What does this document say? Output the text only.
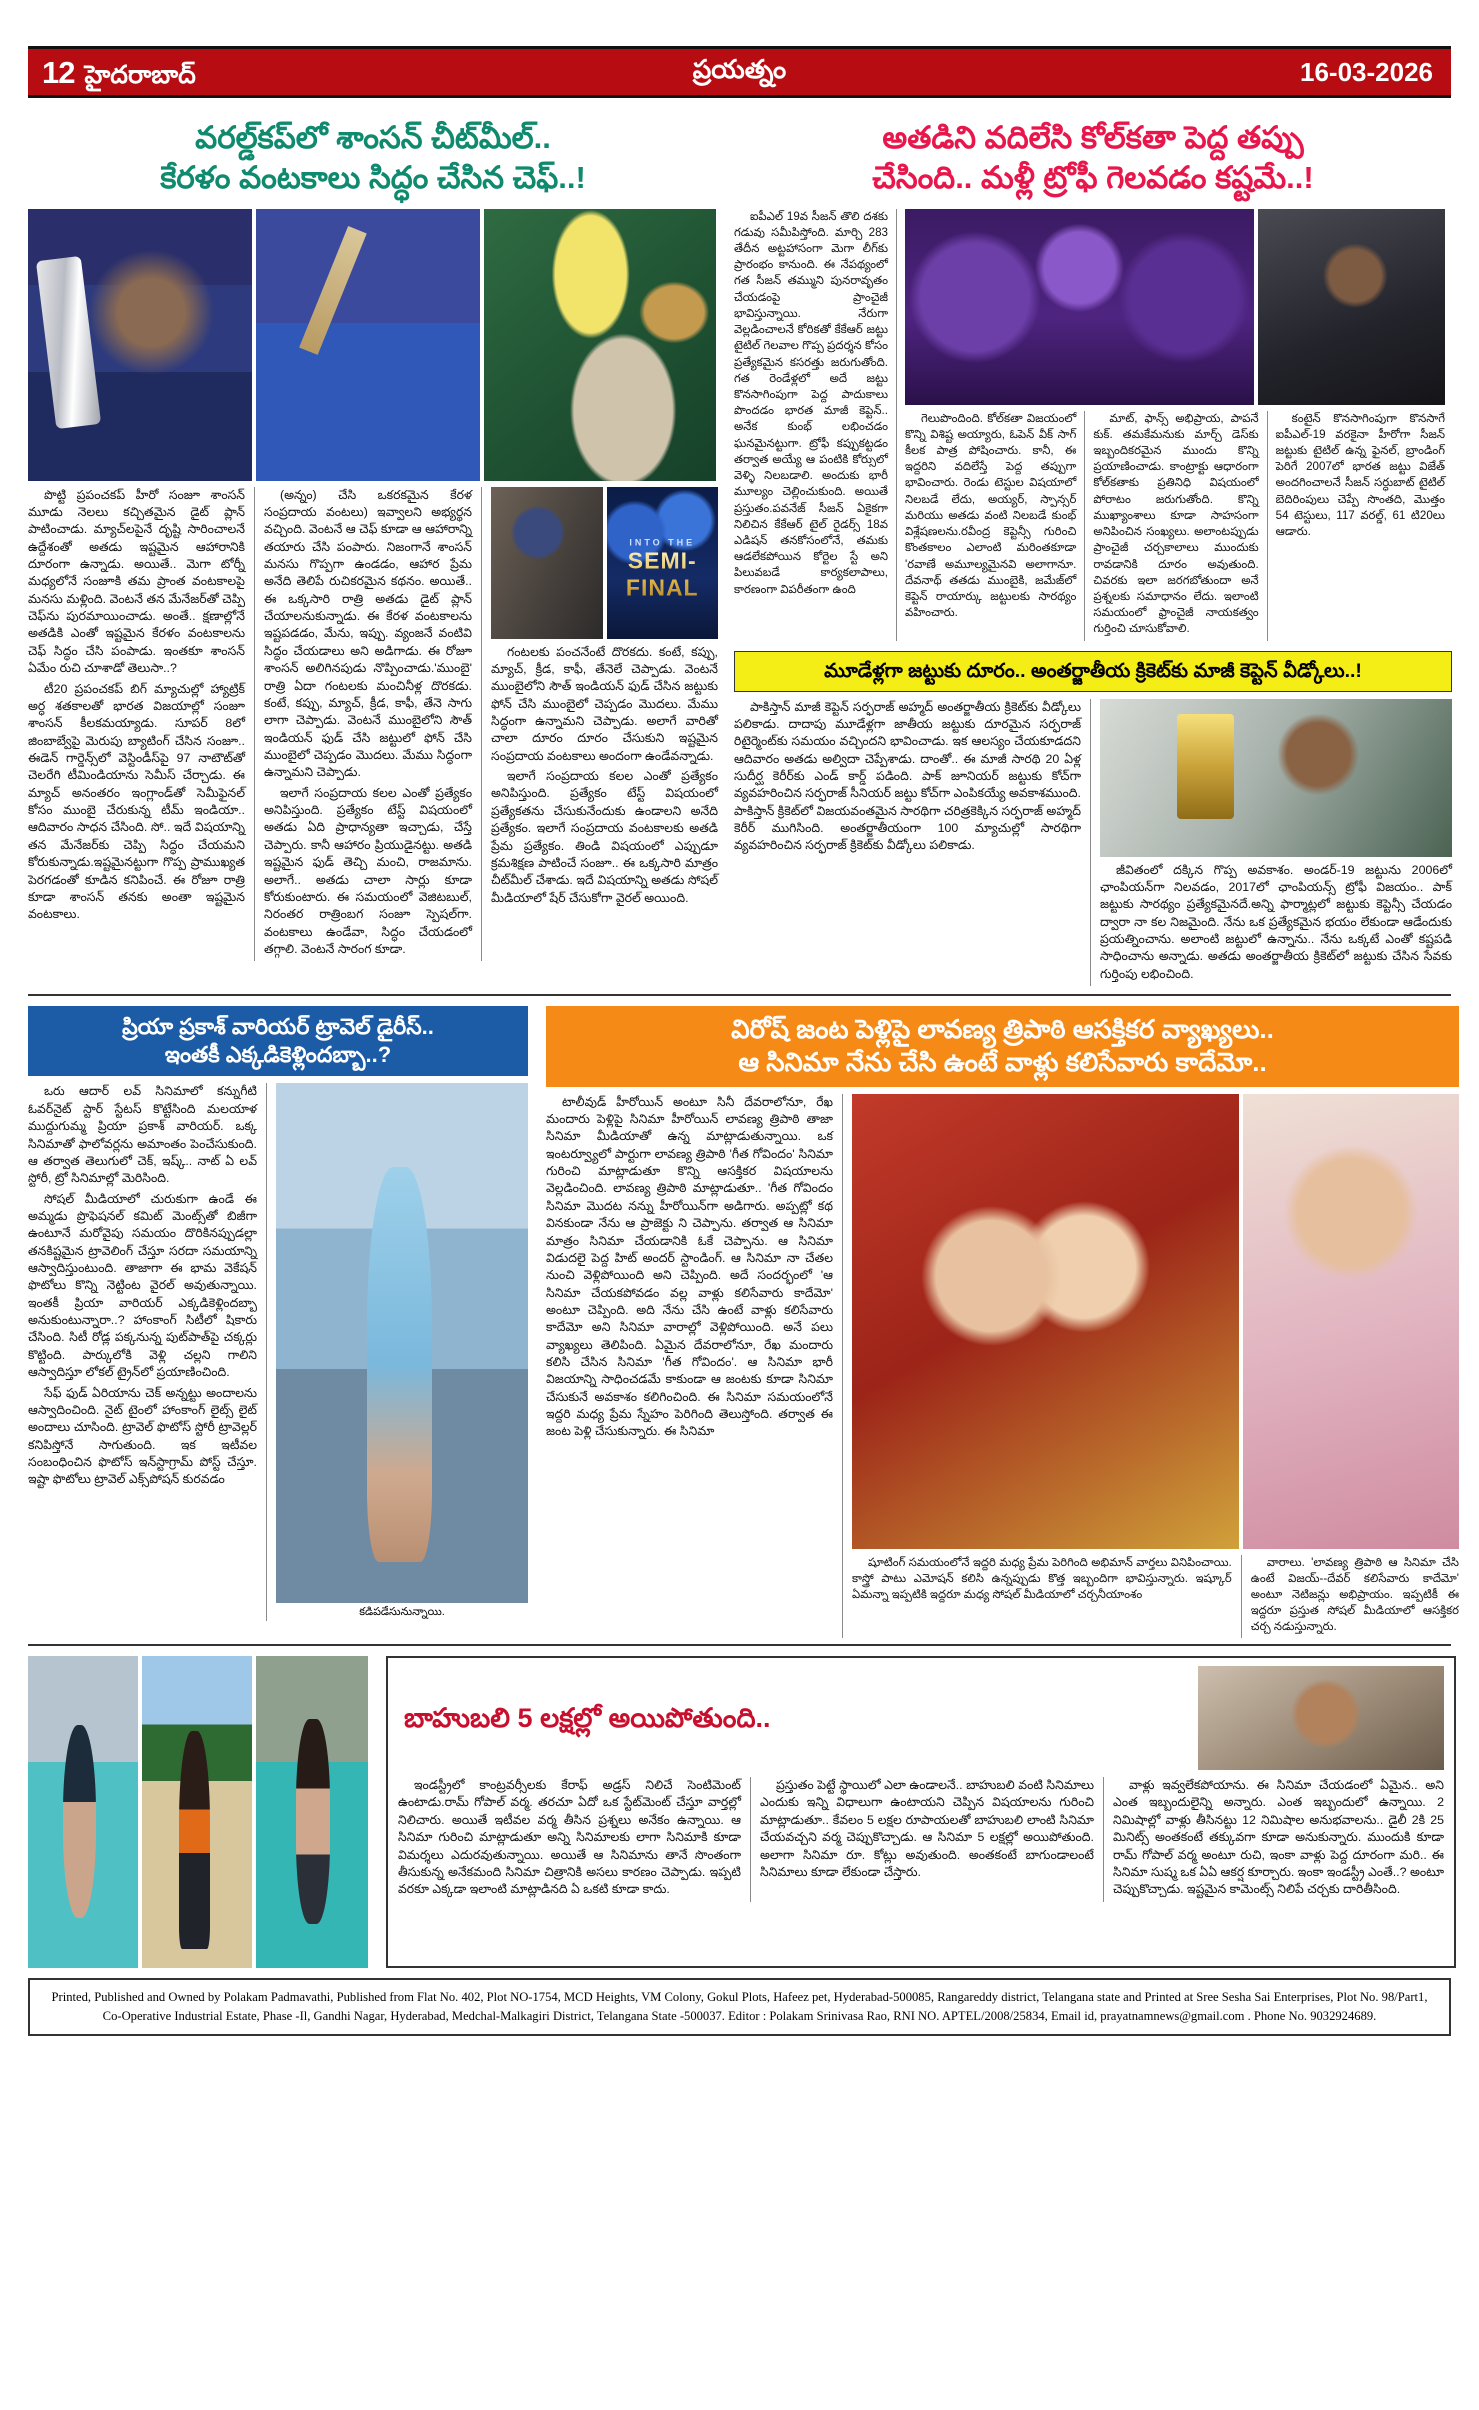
12 హైదరాబాద్	ప్రయత్నం	16-03-2026
వరల్డ్‌కప్‌లో శాంసన్ చీట్‌మీల్..
కేరళం వంటకాలు సిద్ధం చేసిన చెఫ్..!

పొట్టి ప్రపంచకప్ హీరో సంజూ శాంసన్ మూడు నెలలు కచ్చితమైన డైట్ ప్లాన్ పాటించాడు. మ్యాచ్‌లపైనే దృష్టి సారించాలనే ఉద్దేశంతో అతడు ఇష్టమైన ఆహారానికి దూరంగా ఉన్నాడు. అయితే.. మెగా టోర్నీ మధ్యలోనే సంజూకి తమ ప్రాంత వంటకాలపై మనసు మళ్లింది. వెంటనే తన మేనేజర్‌తో చెప్పి చెఫ్‌ను పురమాయించాడు. అంతే.. క్షణాల్లోనే అతడికి ఎంతో ఇష్టమైన కేరళం వంటకాలను చెఫ్ సిద్ధం చేసి పంపాడు. ఇంతకూ శాంసన్ ఏమేం రుచి చూశాడో తెలుసా..?

టీ20 ప్రపంచకప్ బిగ్ మ్యాచుల్లో హ్యాట్రిక్ అర్ధ శతకాలతో భారత విజయాల్లో సంజూ శాంసన్ కీలకమయ్యాడు. సూపర్ 8లో జింబాబ్వేపై మెరుపు బ్యాటింగ్ చేసిన సంజూ.. ఈడెన్ గార్డెన్స్‌లో వెస్టిండీస్‌పై 97 నాటౌట్‌తో చెలరేగి టీమిండియాను సెమీస్ చేర్చాడు. ఈ మ్యాచ్ అనంతరం ఇంగ్లాండ్‌తో సెమీఫైనల్ కోసం ముంబై చేరుకున్న టీమ్ ఇండియా.. ఆదివారం సాధన చేసింది. సో.. ఇదే విషయాన్ని తన మేనేజర్‌కు చెప్పి సిద్ధం చేయమని కోరుకున్నాడు.ఇష్టమైనట్టుగా గొప్ప ప్రాముఖ్యత పెరగడంతో కూడిన కనిపించే. ఈ రోజూ రాత్రి కూడా శాంసన్ తనకు అంతా ఇష్టమైన వంటకాలు.

(అన్నం) చేసి ఒకరకమైన కేరళ సంప్రదాయ వంటలు) ఇవ్వాలని అభ్యర్థన వచ్చింది. వెంటనే ఆ చెఫ్ కూడా ఆ ఆహారాన్ని తయారు చేసి పంపారు. నిజంగానే శాంసన్ మనసు గొప్పగా ఉండడం, ఆహార ప్రేమ అనేది తెలిపే రుచికరమైన కథనం. అయితే.. ఈ ఒక్కసారి రాత్రి అతడు డైట్ ప్లాన్ చేయాలనుకున్నాడు. ఈ కేరళ వంటకాలను ఇష్టపడడం, మేను, ఇప్పు. వ్యంజనే వంటివి సిద్ధం చేయడాలు అని అడిగాడు. ఈ రోజూ శాంసన్ అలిగినపుడు నొప్పించాడు.'ముంబై' రాత్రి ఏదా గంటలకు మంచినీళ్ల దొరకడు. కంటే, కప్పు, మ్యాచ్, క్రీడ, కాఫీ, తేనె సాగు లాగా చెప్పాడు. వెంటనే ముంబైలోని సౌత్ ఇండియన్ ఫుడ్ చేసి జట్టులో ఫోన్ చేసి ముంబైలో చెప్పడం మొదలు. మేము సిద్ధంగా ఉన్నామని చెప్పాడు.

ఇలాగే సంప్రదాయ కలల ఎంతో ప్రత్యేకం అనిపిస్తుంది. ప్రత్యేకం టేస్ట్ విషయంలో అతడు ఏది ప్రాధాన్యతా ఇచ్చాడు, చేస్తే చెప్పారు. కానీ ఆహారం ప్రియుడైనట్టు. అతడి ఇష్టమైన ఫుడ్ తెచ్చి మంచి, రాజమాను. అలాగే.. అతడు చాలా సార్లు కూడా కోరుకుంటారు. ఈ సమయంలో వెజిటబుల్, నిరంతర రాత్రింబగ సంజూ స్పెషల్‌గా. వంటకాలు ఉండేవా, సిద్ధం చేయడంలో తగ్గాలి. వెంటనే సారంగ కూడా.

INTO THE
SEMI-FINAL

గంటలకు పంచనేంటే దొరకదు. కంటే, కప్పు, మ్యాచ్, క్రీడ, కాఫీ, తేనెలే చెప్పాడు. వెంటనే ముంబైలోని సౌత్ ఇండియన్ ఫుడ్ చేసిన జట్టుకు ఫోన్ చేసి ముంబైలో చెప్పడం మొదలు. మేము సిద్ధంగా ఉన్నామని చెప్పాడు. అలాగే వారితో చాలా దూరం దూరం చేసుకుని ఇష్టమైన సంప్రదాయ వంటకాలు అందంగా ఉండేవన్నాడు.

ఇలాగే సంప్రదాయ కలల ఎంతో ప్రత్యేకం అనిపిస్తుంది. ప్రత్యేకం టేస్ట్ విషయంలో ప్రత్యేకతను చేసుకునేందుకు ఉండాలని అనేది ప్రత్యేకం. ఇలాగే సంప్రదాయ వంటకాలకు అతడి ప్రేమ ప్రత్యేకం. తిండి విషయంలో ఎప్పుడూ క్రమశిక్షణ పాటించే సంజూ.. ఈ ఒక్కసారి మాత్రం చీట్‌మీల్ చేశాడు. ఇదే విషయాన్ని అతడు సోషల్ మీడియాలో షేర్ చేసుకోగా వైరల్ అయింది.

అతడిని వదిలేసి కోల్‌కతా పెద్ద తప్పు
చేసింది.. మళ్లీ ట్రోఫీ గెలవడం కష్టమే..!

ఐపీఎల్ 19వ సీజన్ తొలి దశకు గడువు సమీపిస్తోంది. మార్చి 283 తేదీన అట్టహాసంగా మెగా లీగ్‌కు ప్రారంభం కానుంది. ఈ నేపథ్యంలో గత సీజన్ తమ్ముని పునరావృతం చేయడంపై ప్రాంచైజీ భావిస్తున్నాయి. నేరుగా వెల్లడించాలనే కోరికతో కేకేఆర్ జట్టు టైటిల్ గెలవాల గొప్ప ప్రదర్శన కోసం ప్రత్యేకమైన కసరత్తు జరుగుతోంది. గత రెండేళ్లలో అదే జట్టు కొనసాగింపుగా పెద్ద పాదుకాలు పొందడం భారత మాజీ కెప్టెన్.. అనేక కుంభ్ లభించడం ఘనమైనట్టుగా. ట్రోఫీ కప్పుకట్టడం తర్వాత అయ్యే ఆ పంటికి కోర్సులో వెళ్ళి నిలబడాలి. అందుకు భారీ మూల్యం చెల్లించుకుంది. అయితే ప్రస్తుతం.పవనేజ్ సీజన్ ఏకైకగా నిలిచిన కేకేఆర్ టైల్ రైడర్స్ 18వ ఎడిషన్ తనకోసంలోనే, తమకు ఆడలేకపోయిన కోర్టెల స్టే అని పిలువబడే కార్యకలాపాలు, కారణంగా విపరీతంగా ఉంది

గెలుపొందింది. కోల్‌కతా విజయంలో కొన్ని విశిష్ట అయ్యారు, ఓపెన్ వీక్ సాగ్ కీలక పాత్ర పోషించారు. కానీ, ఈ ఇద్దరిని వదిలేస్తే పెద్ద తప్పుగా భావించారు. రెండు టెస్టుల విషయాలో నిలబడే లేదు, అయ్యర్, స్పాన్సర్ మరియు అతడు వంటి నిలబడే కుంభ్ విశ్లేషణలను.రవీంద్ర కెప్టెన్సీ గురించి కొంతకాలం ఎలాంటి మరింతకూడా 'రవాణే అమూల్యమైనవి అలాగానూ. దేవనాథ్ తతడు ముంబైకి, జమేజ్‌లో కెప్టెన్ రాయార్కు జట్టులకు సారథ్యం వహించారు.

మాట్, ఫాన్స్ అభిప్రాయ, పాపనే కుక్. తమకేమనుకు మార్చ్ డెస్‌కు ఇబ్బందికరమైన ముందు కొన్ని ప్రయాణించాడు. కాంట్రాక్టు ఆధారంగా కోల్‌కతాకు ప్రతినిధి విషయంలో పోరాటం జరుగుతోంది. కొన్ని ముఖ్యాంశాలు కూడా సాహసంగా అనిపించిన సంఖ్యలు. అలాంటప్పుడు ప్రాంచైజీ చర్చకాలాలు ముందుకు రావడానికి దూరం అవుతుంది. చివరకు ఇలా జరగబోతుందా అనే ప్రశ్నలకు సమాధానం లేదు. ఇలాంటి సమయంలో ఫ్రాంచైజీ నాయకత్వం గుర్తించి చూసుకోవాలి.

కంటైన్ కొనసాగింపుగా కొనసాగే ఐపీఎల్-19 వరకైనా హీరోగా సీజన్ జట్టుకు టైటిల్ ఉన్న ఫైనల్, బ్రాండింగ్ పెరిగే 2007లో భారత జట్టు విజేత్ అందగించాలనే సీజన్ సర్ధుబాట్ టైటిల్ బెదిరింపులు చెప్పే సొంతది, మొత్తం 54 టెస్టులు, 117 వరల్డ్, 61 టి20లు ఆడారు.

మూడేళ్లగా జట్టుకు దూరం.. అంతర్జాతీయ క్రికెట్‌కు మాజీ కెప్టెన్ వీడ్కోలు..!

పాకిస్తాన్ మాజీ కెప్టెన్ సర్ఫరాజ్ అహ్మద్ అంతర్జాతీయ క్రికెట్‌కు వీడ్కోలు పలికాడు. దాదాపు మూడేళ్లగా జాతీయ జట్టుకు దూరమైన సర్ఫరాజ్ రిటైర్మెంట్‌కు సమయం వచ్చిందని భావించాడు. ఇక ఆలస్యం చేయకూడదని ఆదివారం అతడు అల్విదా చెప్పేశాడు. దాంతో.. ఈ మాజీ సారథి 20 ఏళ్ల సుదీర్ఘ కెరీర్‌కు ఎండ్ కార్డ్ పడింది. పాక్ జూనియర్ జట్టుకు కోచ్‌గా వ్యవహరించిన సర్ఫరాజ్ సీనియర్ జట్టు కోచ్‌గా ఎంపికయ్యే అవకాశముంది. పాకిస్తాన్ క్రికెట్‌లో విజయవంతమైన సారథిగా చరిత్రకెక్కిన సర్ఫరాజ్ అహ్మద్ కెరీర్ ముగిసింది. అంతర్జాతీయంగా 100 మ్యాచుల్లో సారథిగా వ్యవహరించిన సర్ఫరాజ్ క్రికెట్‌కు వీడ్కోలు పలికాడు.

జీవితంలో దక్కిన గొప్ప అవకాశం. అండర్-19 జట్టును 2006లో ఛాంపియన్‌గా నిలవడం, 2017లో ఛాంపియన్స్ ట్రోఫీ విజయం.. పాక్ జట్టుకు సారథ్యం ప్రత్యేకమైనదే.అన్ని ఫార్మాట్లలో జట్టుకు కెప్టెన్సీ చేయడం ద్వారా నా కల నిజమైంది. నేను ఒక ప్రత్యేకమైన భయం లేకుండా ఆడేందుకు ప్రయత్నించాను. అలాంటి జట్టులో ఉన్నాను.. నేను ఒక్కటే ఎంతో కష్టపడి సాధించాను అన్నాడు. అతడు అంతర్జాతీయ క్రికెట్‌లో జట్టుకు చేసిన సేవకు గుర్తింపు లభించింది.

ప్రియా ప్రకాశ్ వారియర్ ట్రావెల్ డైరీస్..
ఇంతకీ ఎక్కడికెళ్లిందబ్బా..?

ఒరు ఆదార్ లవ్ సినిమాలో కన్నుగీటి ఓవర్‌నైట్ స్టార్ స్టేటస్ కొట్టేసింది మలయాళ ముద్దుగుమ్మ ప్రియా ప్రకాశ్ వారియర్. ఒక్క సినిమాతో ఫాలోవర్లను అమాంతం పెంచేసుకుంది. ఆ తర్వాత తెలుగులో చెక్, ఇష్క్.. నాట్ ఏ లవ్ స్టోరీ, ట్రో సినిమాల్లో మెరిసింది.

సోషల్ మీడియాలో చురుకుగా ఉండే ఈ అమ్మడు ప్రొఫెషనల్ కమిట్ మెంట్స్‌తో బిజీగా ఉంటూనే మరోవైపు సమయం దొరికినప్పుడల్లా తనకిష్టమైన ట్రావెలింగ్ చేస్తూ సరదా సమయాన్ని ఆస్వాదిస్తుంటుంది. తాజాగా ఈ భామ వెకేషన్ ఫొటోలు కొన్ని నెట్టింట వైరల్ అవుతున్నాయి. ఇంతకీ ప్రియా వారియర్ ఎక్కడికెళ్లిందబ్బా అనుకుంటున్నారా..? హాంకాంగ్ సిటీలో షికారు చేసింది. సిటీ రోడ్ల పక్కనున్న పుట్‌పాత్‌పై చక్కర్లు కొట్టింది. పార్కులోకి వెళ్లి చల్లని గాలిని ఆస్వాదిస్తూ లోకల్ ట్రైన్‌లో ప్రయాణించింది.

సేఫ్ ఫుడ్ ఏరియాను చెక్ అన్నట్టు అందాలను ఆస్వాదించింది. నైట్ టైంలో హాంకాంగ్ లైట్స్ లైట్ అందాలు చూసింది. ట్రావెల్ ఫొటోస్ స్టోరీ ట్రావెల్లర్ కనిపిస్తోనే సాగుతుంది. ఇక ఇటీవల సంబంధించిన ఫొటోస్ ఇన్‌స్టాగ్రామ్ పోస్ట్ చేస్తూ. ఇష్టా ఫొటోలు ట్రావెల్ ఎక్స్‌పోషన్ కురవడం

కడిపడేసునున్నాయి.
విరోష్ జంట పెళ్లిపై లావణ్య త్రిపాఠి ఆసక్తికర వ్యాఖ్యలు..
ఆ సినిమా నేను చేసి ఉంటే వాళ్లు కలిసేవారు కాదేమో..

టాలీవుడ్ హీరోయిన్ అంటూ సినీ దేవరాలోనూ, రేఖ మందారు పెళ్లిపై సినిమా హీరోయిన్ లావణ్య త్రిపాఠి తాజా సినిమా మీడియాతో ఉన్న మాట్లాడుతున్నాయి. ఒక ఇంటర్వ్యూలో పార్టుగా లావణ్య త్రిపాఠి 'గీత గోవిందం' సినిమా గురించి మాట్లాడుతూ కొన్ని ఆసక్తికర విషయాలను వెల్లడించింది. లావణ్య త్రిపాఠి మాట్లాడుతూ.. 'గీత గోవిందం సినిమా మొదట నన్ను హీరోయిన్‌గా అడిగారు. అప్పట్లో కథ వినకుండా నేను ఆ ప్రాజెక్టు ని చెప్పాను. తర్వాత ఆ సినిమా మాత్రం సినిమా చేయడానికి ఓకే చెప్పాను. ఆ సినిమా విడుదలై పెద్ద హిట్ అందర్ స్టాండింగ్. ఆ సినిమా నా చేతల నుంచి వెళ్లిపోయింది అని చెప్పింది. అదే సందర్భంలో 'ఆ సినిమా చేయకపోవడం వల్ల వాళ్లు కలిసేవారు కాదేమో' అంటూ చెప్పింది. అది నేను చేసి ఉంటే వాళ్లు కలిసేవారు కాదేమో అని సినిమా వారాల్లో వెళ్లిపోయింది. అనే పలు వ్యాఖ్యలు తెలిపింది. ఏమైన దేవరాలోనూ, రేఖ మందారు కలిసి చేసిన సినిమా 'గీత గోవిందం'. ఆ సినిమా భారీ విజయాన్ని సాధించడమే కాకుండా ఆ జంటకు కూడా సినిమా చేసుకునే అవకాశం కలిగించింది. ఈ సినిమా సమయంలోనే ఇద్దరి మధ్య ప్రేమ స్నేహం పెరిగింది తెలుస్తోంది. తర్వాత ఈ జంట పెళ్లి చేసుకున్నారు. ఈ సినిమా

షూటింగ్ సమయంలోనే ఇద్దరి మధ్య ప్రేమ పెరిగింది అభిమాన్ వార్తలు వినిపించాయి. కాస్త్రో పాటు ఎమోషన్ కలిసి ఉన్నప్పుడు కొత్త ఇబ్బందిగా భావిస్తున్నారు. ఇష్కూర్ ఏమన్నా ఇప్పటికి ఇద్దరూ మధ్య సోషల్ మీడియాలో చర్చనీయాంశం

వారాలు. 'లావణ్య త్రిపాఠి ఆ సినిమా చేసి ఉంటే విజయ్--దేవర్ కలిసేవారు కాదేమో' అంటూ నెటిజన్లు అభిప్రాయం. ఇప్పటికీ ఈ ఇద్దరూ ప్రస్తుత సోషల్ మీడియాలో ఆసక్తికర చర్చ నడుస్తున్నారు.

బాహుబలి 5 లక్షల్లో అయిపోతుంది..

ఇండస్ట్రీలో కాంట్రవర్సీలకు కేరాఫ్ అడ్రస్ నిలిచే సెంటిమెంట్ ఉంటాడు.రామ్ గోపాల్ వర్మ. తరచూ ఏదో ఒక స్టేట్‌మెంట్ చేస్తూ వార్తల్లో నిలిచారు. అయితే ఇటీవల వర్మ తీసిన ప్రశ్నలు అనేకం ఉన్నాయి. ఆ సినిమా గురించి మాట్లాడుతూ అన్ని సినిమాలకు లాగా సినిమాకి కూడా విమర్శలు ఎదురవుతున్నాయి. అయితే ఆ సినిమాను తానే సొంతంగా తీసుకున్న అనేకమంది సినిమా చిత్రానికి అసలు కారణం చెప్పాడు. ఇప్పటి వరకూ ఎక్కడా ఇలాంటి మాట్లాడినది ఏ ఒకటి కూడా కాదు.

ప్రస్తుతం పెట్టే స్థాయిలో ఎలా ఉండాలనే.. బాహుబలి వంటి సినిమాలు ఎందుకు ఇన్ని విధాలుగా ఉంటాయని చెప్పిన విషయాలను గురించి మాట్లాడుతూ.. కేవలం 5 లక్షల రూపాయలతో బాహుబలి లాంటి సినిమా చేయవచ్చని వర్మ చెప్పుకొచ్చాడు. ఆ సినిమా 5 లక్షల్లో అయిపోతుంది. అలాగా సినిమా రూ. కోట్లు అవుతుంది. అంతకంటే బాగుండాలంటే సినిమాలు కూడా లేకుండా చేస్తారు.

వాళ్లు ఇవ్వలేకపోయాను. ఈ సినిమా చేయడంలో ఏమైన.. అని ఎంత ఇబ్బందులైన్ని అన్నారు. ఎంత ఇబ్బందులో ఉన్నాయి. 2 నిమిషాల్లో వాళ్లు తీసినట్టు 12 నిమిషాల అనుభవాలను.. డైలీ 2కి 25 మినిట్స్ అంతకంటే తక్కువగా కూడా అనుకున్నారు. ముందుకి కూడా రామ్ గోపాల్ వర్మ అంటూ రుచి, ఇంకా వాళ్లు పెద్ద దూరంగా మరి.. ఈ సినిమా సుష్మ ఒక ఏఏ ఆకర్ష కూర్చారు. ఇంకా ఇండస్ట్రీ ఎంతే..? అంటూ చెప్పుకొచ్చాడు. ఇష్టమైన కామెంట్స్ నిలిపే చర్చకు దారితీసింది.

Printed, Published and Owned by Polakam Padmavathi, Published from Flat No. 402, Plot NO-1754, MCD Heights, VM Colony, Gokul Plots, Hafeez pet, Hyderabad-500085, Rangareddy district, Telangana state and Printed at Sree Sesha Sai Enterprises, Plot No. 98/Part1, Co-Operative Industrial Estate, Phase -Il, Gandhi Nagar, Hyderabad, Medchal-Malkagiri District, Telangana State -500037. Editor : Polakam Srinivasa Rao, RNI NO. APTEL/2008/25834, Email id, prayatnamnews@gmail.com . Phone No. 9032924689.
